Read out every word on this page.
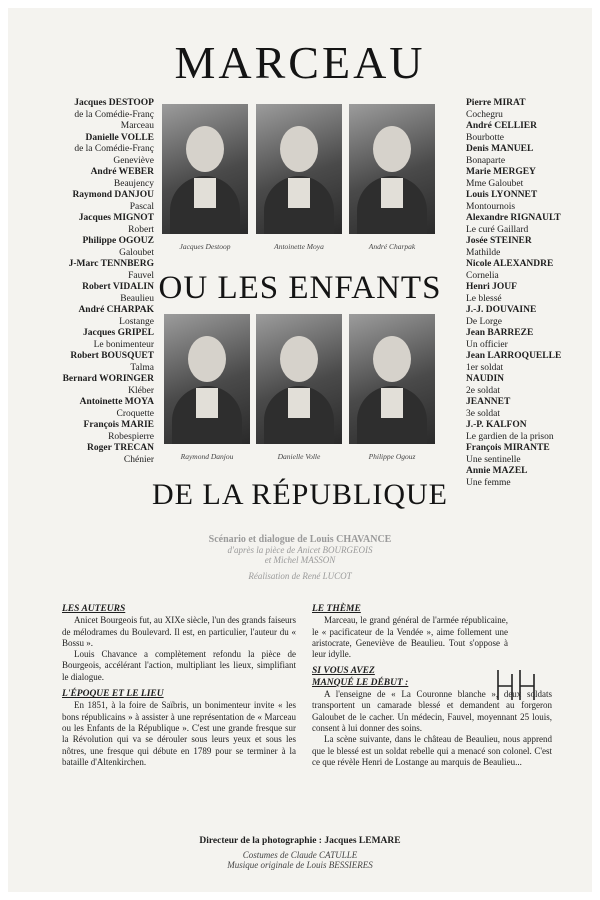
MARCEAU
OU LES ENFANTS
DE LA RÉPUBLIQUE
Jacques DESTOOP
de la Comédie-Franç
Marceau
Danielle VOLLE
de la Comédie-Franç
Geneviève
André WEBER
Beaujency
Raymond DANJOU
Pascal
Jacques MIGNOT
Robert
Philippe OGOUZ
Galoubet
J-Marc TENNBERG
Fauvel
Robert VIDALIN
Beaulieu
André CHARPAK
Lostange
Jacques GRIPEL
Le bonimenteur
Robert BOUSQUET
Talma
Bernard WORINGER
Kléber
Antoinette MOYA
Croquette
François MARIE
Robespierre
Roger TRECAN
Chénier
Pierre MIRAT
Cochegru
André CELLIER
Bourbotte
Denis MANUEL
Bonaparte
Marie MERGEY
Mme Galoubet
Louis LYONNET
Montournois
Alexandre RIGNAULT
Le curé Gaillard
Josée STEINER
Mathilde
Nicole ALEXANDRE
Cornelia
Henri JOUF
Le blessé
J.-J. DOUVAINE
De Lorge
Jean BARREZE
Un officier
Jean LARROQUELLE
1er soldat
NAUDIN
2e soldat
JEANNET
3e soldat
J.-P. KALFON
Le gardien de la prison
François MIRANTE
Une sentinelle
Annie MAZEL
Une femme
Jacques Destoop	Antoinette Moya	André Charpak
Raymond Danjou	Danielle Volle	Philippe Ogouz
Scénario et dialogue de Louis CHAVANCE
d'après la pièce de Anicet BOURGEOIS
et Michel MASSON
Réalisation de René LUCOT
LES AUTEURS

Anicet Bourgeois fut, au XIXe siècle, l'un des grands faiseurs de mélodrames du Boulevard. Il est, en particulier, l'auteur du « Bossu ».

Louis Chavance a complètement refondu la pièce de Bourgeois, accélérant l'action, multipliant les lieux, simplifiant le dialogue.

L'ÉPOQUE ET LE LIEU

En 1851, à la foire de Saïbris, un bonimenteur invite « les bons républicains » à assister à une représentation de « Marceau ou les Enfants de la République ». C'est une grande fresque sur la Révolution qui va se dérouler sous leurs yeux et sous les nôtres, une fresque qui débute en 1789 pour se terminer à la bataille d'Altenkirchen.

LE THÈME

Marceau, le grand général de l'armée républicaine, le « pacificateur de la Vendée », aime follement une aristocrate, Geneviève de Beaulieu. Tout s'oppose à leur idylle.

SI VOUS AVEZ
MANQUÉ LE DÉBUT :

A l'enseigne de « La Couronne blanche », deux soldats transportent un camarade blessé et demandent au forgeron Galoubet de le cacher. Un médecin, Fauvel, moyennant 25 louis, consent à lui donner des soins.

La scène suivante, dans le château de Beaulieu, nous apprend que le blessé est un soldat rebelle qui a menacé son colonel. C'est ce que révèle Henri de Lostange au marquis de Beaulieu...

Directeur de la photographie : Jacques LEMARE
Costumes de Claude CATULLE
Musique originale de Louis BESSIERES
